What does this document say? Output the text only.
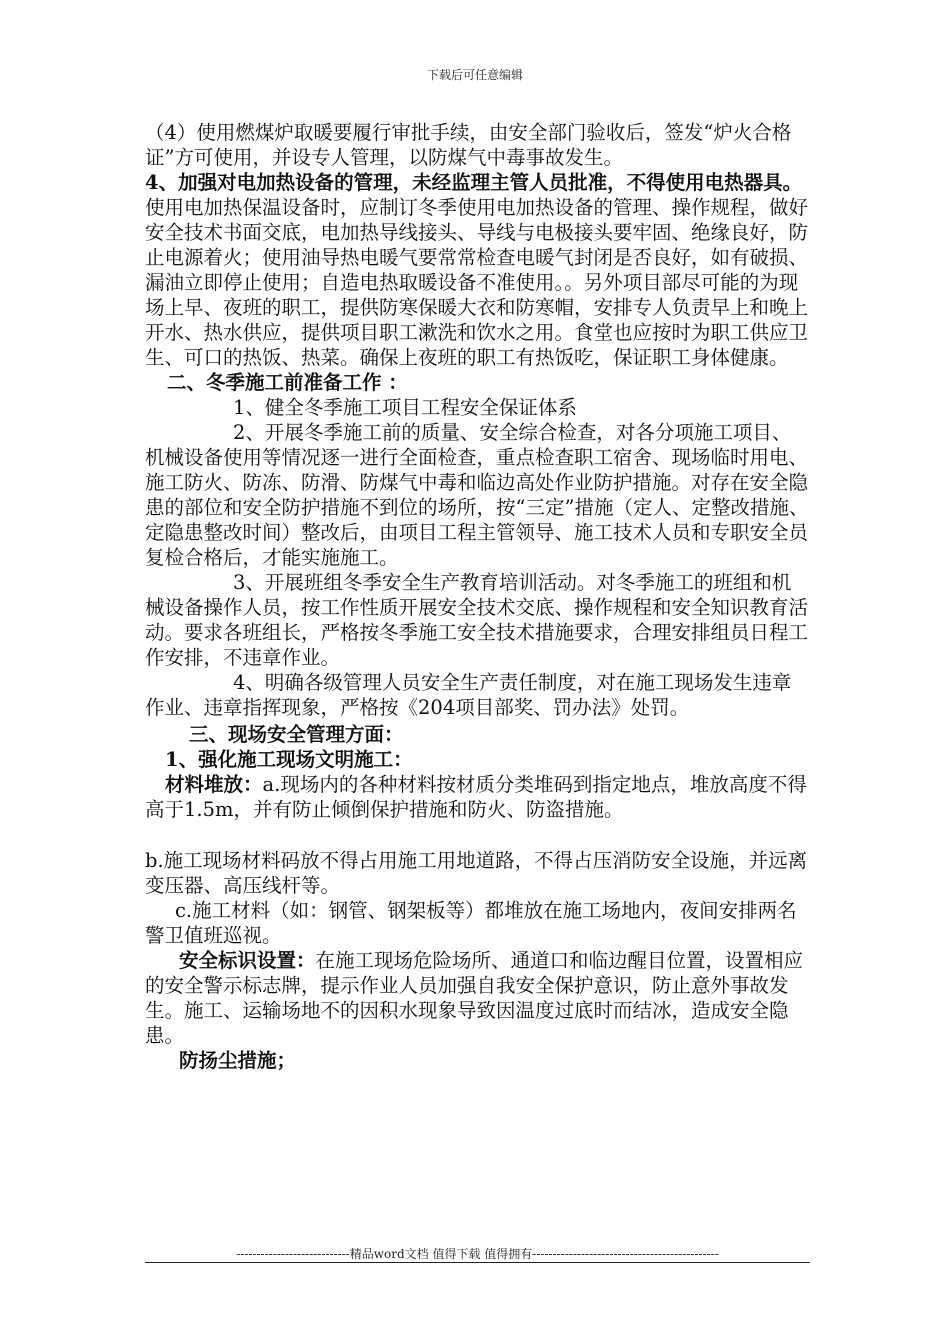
下载后可任意编辑

（4）使用燃煤炉取暖要履行审批手续，由安全部门验收后，签发“炉火合格证”方可使用，并设专人管理，以防煤气中毒事故发生。

4、加强对电加热设备的管理，未经监理主管人员批准，不得使用电热器具。

使用电加热保温设备时，应制订冬季使用电加热设备的管理、操作规程，做好安全技术书面交底，电加热导线接头、导线与电极接头要牢固、绝缘良好，防止电源着火；使用油导热电暖气要常常检查电暖气封闭是否良好，如有破损、漏油立即停止使用；自造电热取暖设备不准使用。。另外项目部尽可能的为现场上早、夜班的职工，提供防寒保暖大衣和防寒帽，安排专人负责早上和晚上开水、热水供应，提供项目职工漱洗和饮水之用。食堂也应按时为职工供应卫生、可口的热饭、热菜。确保上夜班的职工有热饭吃，保证职工身体健康。

二、冬季施工前准备工作 ：

1、健全冬季施工项目工程安全保证体系

2、开展冬季施工前的质量、安全综合检查，对各分项施工项目、机械设备使用等情况逐一进行全面检查，重点检查职工宿舍、现场临时用电、施工防火、防冻、防滑、防煤气中毒和临边高处作业防护措施。对存在安全隐患的部位和安全防护措施不到位的场所，按“三定”措施（定人、定整改措施、定隐患整改时间）整改后，由项目工程主管领导、施工技术人员和专职安全员复检合格后，才能实施施工。

3、开展班组冬季安全生产教育培训活动。对冬季施工的班组和机械设备操作人员，按工作性质开展安全技术交底、操作规程和安全知识教育活动。要求各班组长，严格按冬季施工安全技术措施要求，合理安排组员日程工作安排，不违章作业。

4、明确各级管理人员安全生产责任制度，对在施工现场发生违章作业、违章指挥现象，严格按《204项目部奖、罚办法》处罚。

三、现场安全管理方面：

1、强化施工现场文明施工：

材料堆放：a.现场内的各种材料按材质分类堆码到指定地点，堆放高度不得高于1.5m，并有防止倾倒保护措施和防火、防盗措施。

b.施工现场材料码放不得占用施工用地道路，不得占压消防安全设施，并远离变压器、高压线杆等。

c.施工材料（如：钢管、钢架板等）都堆放在施工场地内，夜间安排两名警卫值班巡视。

安全标识设置：在施工现场危险场所、通道口和临边醒目位置，设置相应的安全警示标志牌，提示作业人员加强自我安全保护意识，防止意外事故发生。施工、运输场地不的因积水现象导致因温度过底时而结冰，造成安全隐患。

防扬尘措施；

----------------------------精品word文档 值得下载 值得拥有----------------------------------------------
